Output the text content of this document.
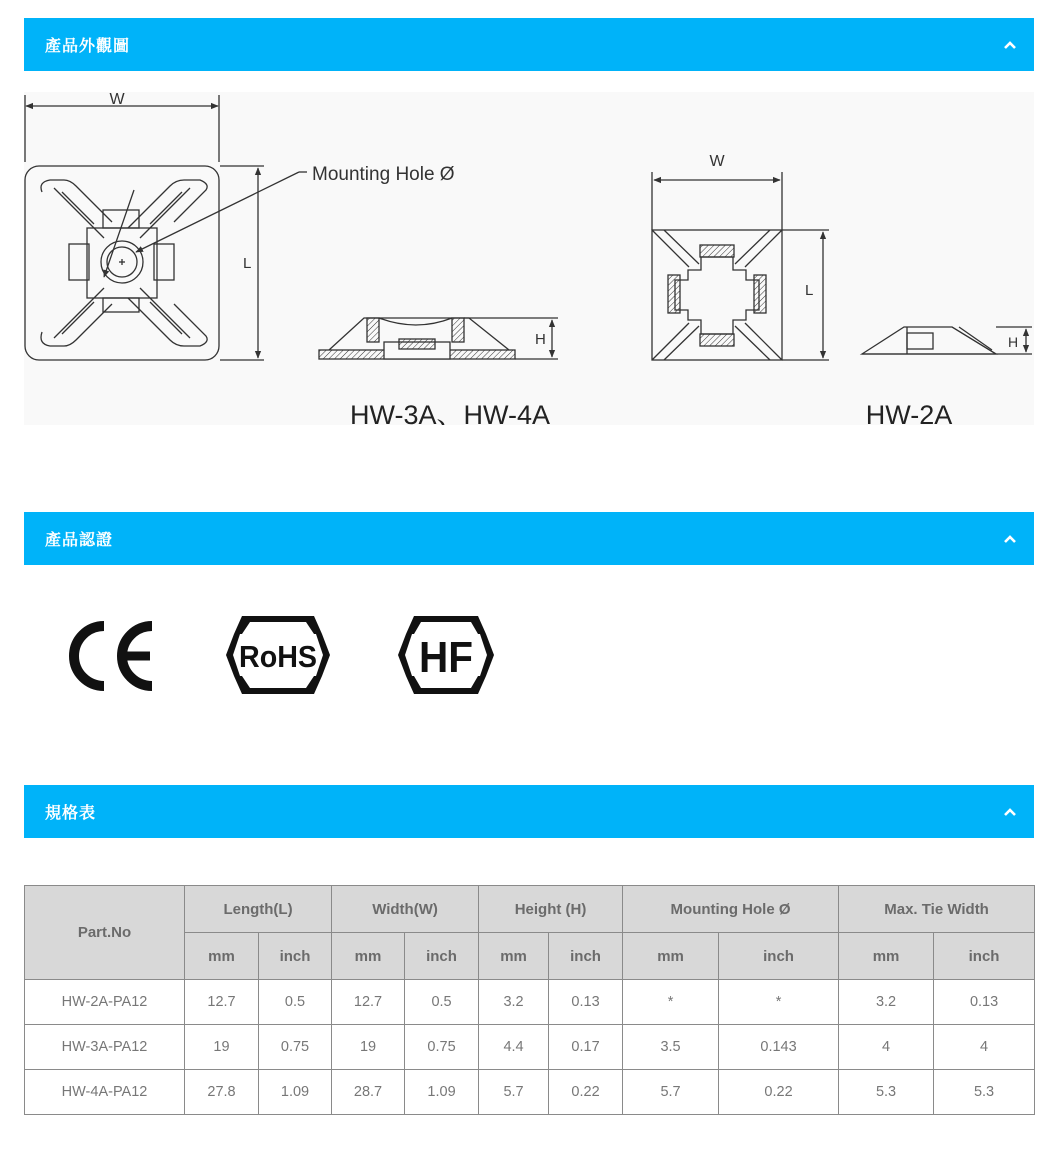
產品外觀圖
W
L
Mounting Hole Ø
H
HW-3A、HW-4A
W
L
H
HW-2A
產品認證
RoHS HF
規格表
Part.No	Length(L)		Width(W)		Height (H)		Mounting Hole Ø		Max. Tie Width	
	mm	inch	mm	inch	mm	inch	mm	inch	mm	inch
HW-2A-PA12	12.7	0.5	12.7	0.5	3.2	0.13	*	*	3.2	0.13
HW-3A-PA12	19	0.75	19	0.75	4.4	0.17	3.5	0.143	4	4
HW-4A-PA12	27.8	1.09	28.7	1.09	5.7	0.22	5.7	0.22	5.3	5.3
